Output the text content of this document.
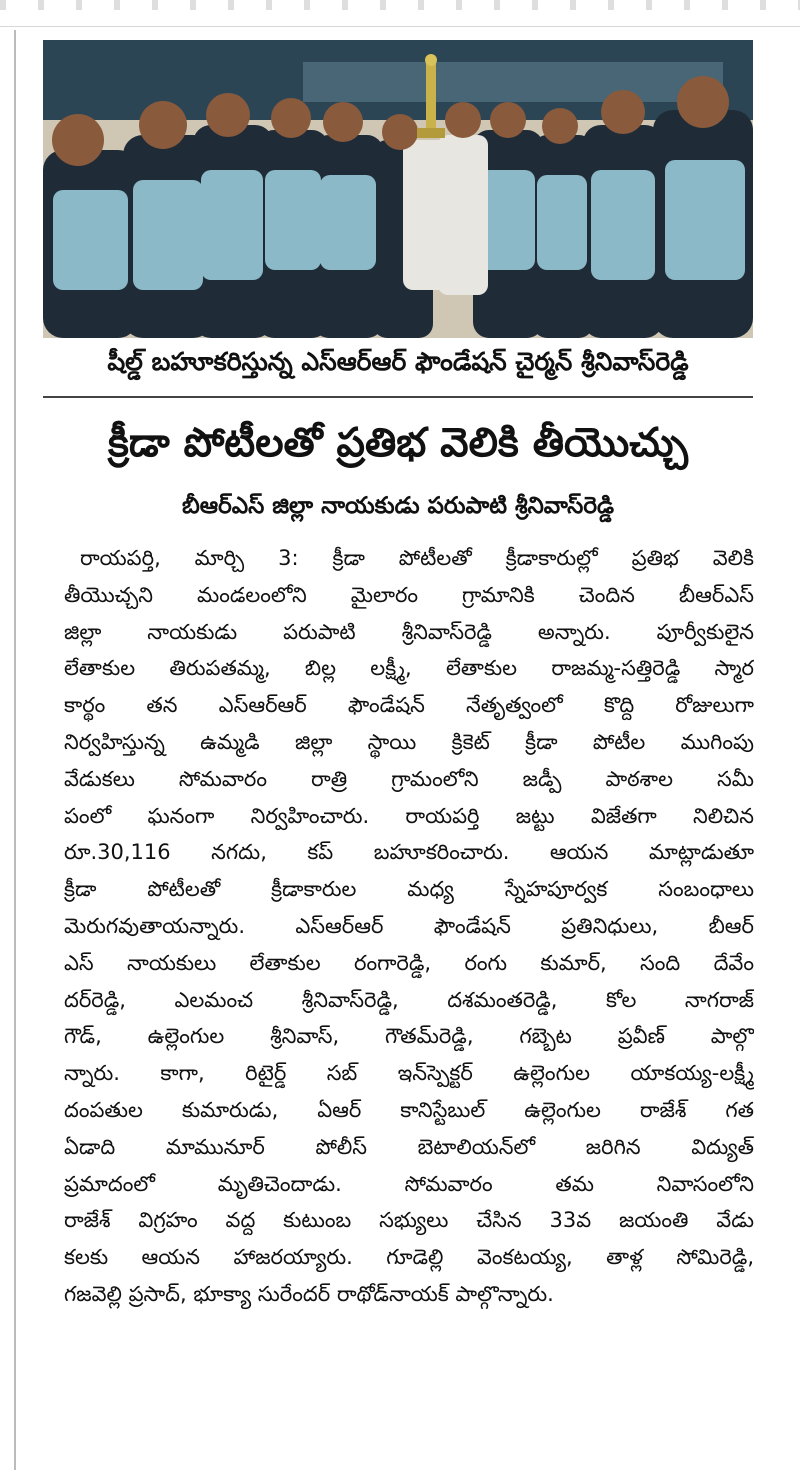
షీల్డ్ బహూకరిస్తున్న ఎస్ఆర్ఆర్ ఫౌండేషన్ చైర్మన్ శ్రీనివాస్‌రెడ్డి
క్రీడా పోటీలతో ప్రతిభ వెలికి తీయొచ్చు
బీఆర్ఎస్ జిల్లా నాయకుడు పరుపాటి శ్రీనివాస్‌రెడ్డి
రాయపర్తి, మార్చి 3: క్రీడా పోటీలతో క్రీడాకారుల్లో ప్రతిభ వెలికి
తీయొచ్చని మండలంలోని మైలారం గ్రామానికి చెందిన బీఆర్ఎస్
జిల్లా నాయకుడు పరుపాటి శ్రీనివాస్‌రెడ్డి అన్నారు. పూర్వీకులైన
లేతాకుల తిరుపతమ్మ, బిల్ల లక్ష్మీ, లేతాకుల రాజమ్మ-సత్తిరెడ్డి స్మార
కార్థం తన ఎస్ఆర్ఆర్ ఫౌండేషన్ నేతృత్వంలో కొద్ది రోజులుగా
నిర్వహిస్తున్న ఉమ్మడి జిల్లా స్థాయి క్రికెట్ క్రీడా పోటీల ముగింపు
వేడుకలు సోమవారం రాత్రి గ్రామంలోని జడ్పీ పాఠశాల సమీ
పంలో ఘనంగా నిర్వహించారు. రాయపర్తి జట్టు విజేతగా నిలిచిన
రూ.30,116 నగదు, కప్ బహూకరించారు. ఆయన మాట్లాడుతూ
క్రీడా పోటీలతో క్రీడాకారుల మధ్య స్నేహపూర్వక సంబంధాలు
మెరుగవుతాయన్నారు. ఎస్ఆర్ఆర్ ఫౌండేషన్ ప్రతినిధులు, బీఆర్
ఎస్ నాయకులు లేతాకుల రంగారెడ్డి, రంగు కుమార్, సంది దేవేం
దర్‌రెడ్డి, ఎలమంచ శ్రీనివాస్‌రెడ్డి, దశమంతరెడ్డి, కోల నాగరాజ్
గౌడ్, ఉల్లెంగుల శ్రీనివాస్, గౌతమ్‌రెడ్డి, గబ్బెట ప్రవీణ్ పాల్గొ
న్నారు. కాగా, రిటైర్డ్ సబ్ ఇన్‌స్పెక్టర్ ఉల్లెంగుల యాకయ్య-లక్ష్మీ
దంపతుల కుమారుడు, ఏఆర్ కానిస్టేబుల్ ఉల్లెంగుల రాజేశ్ గత
ఏడాది మామునూర్ పోలీస్ బెటాలియన్‌లో జరిగిన విద్యుత్
ప్రమాదంలో మృతిచెందాడు. సోమవారం తమ నివాసంలోని
రాజేశ్ విగ్రహం వద్ద కుటుంబ సభ్యులు చేసిన 33వ జయంతి వేడు
కలకు ఆయన హాజరయ్యారు. గూడెల్లి వెంకటయ్య, తాళ్ల సోమిరెడ్డి,
గజవెల్లి ప్రసాద్, భూక్యా సురేందర్ రాథోడ్‌నాయక్ పాల్గొన్నారు.
